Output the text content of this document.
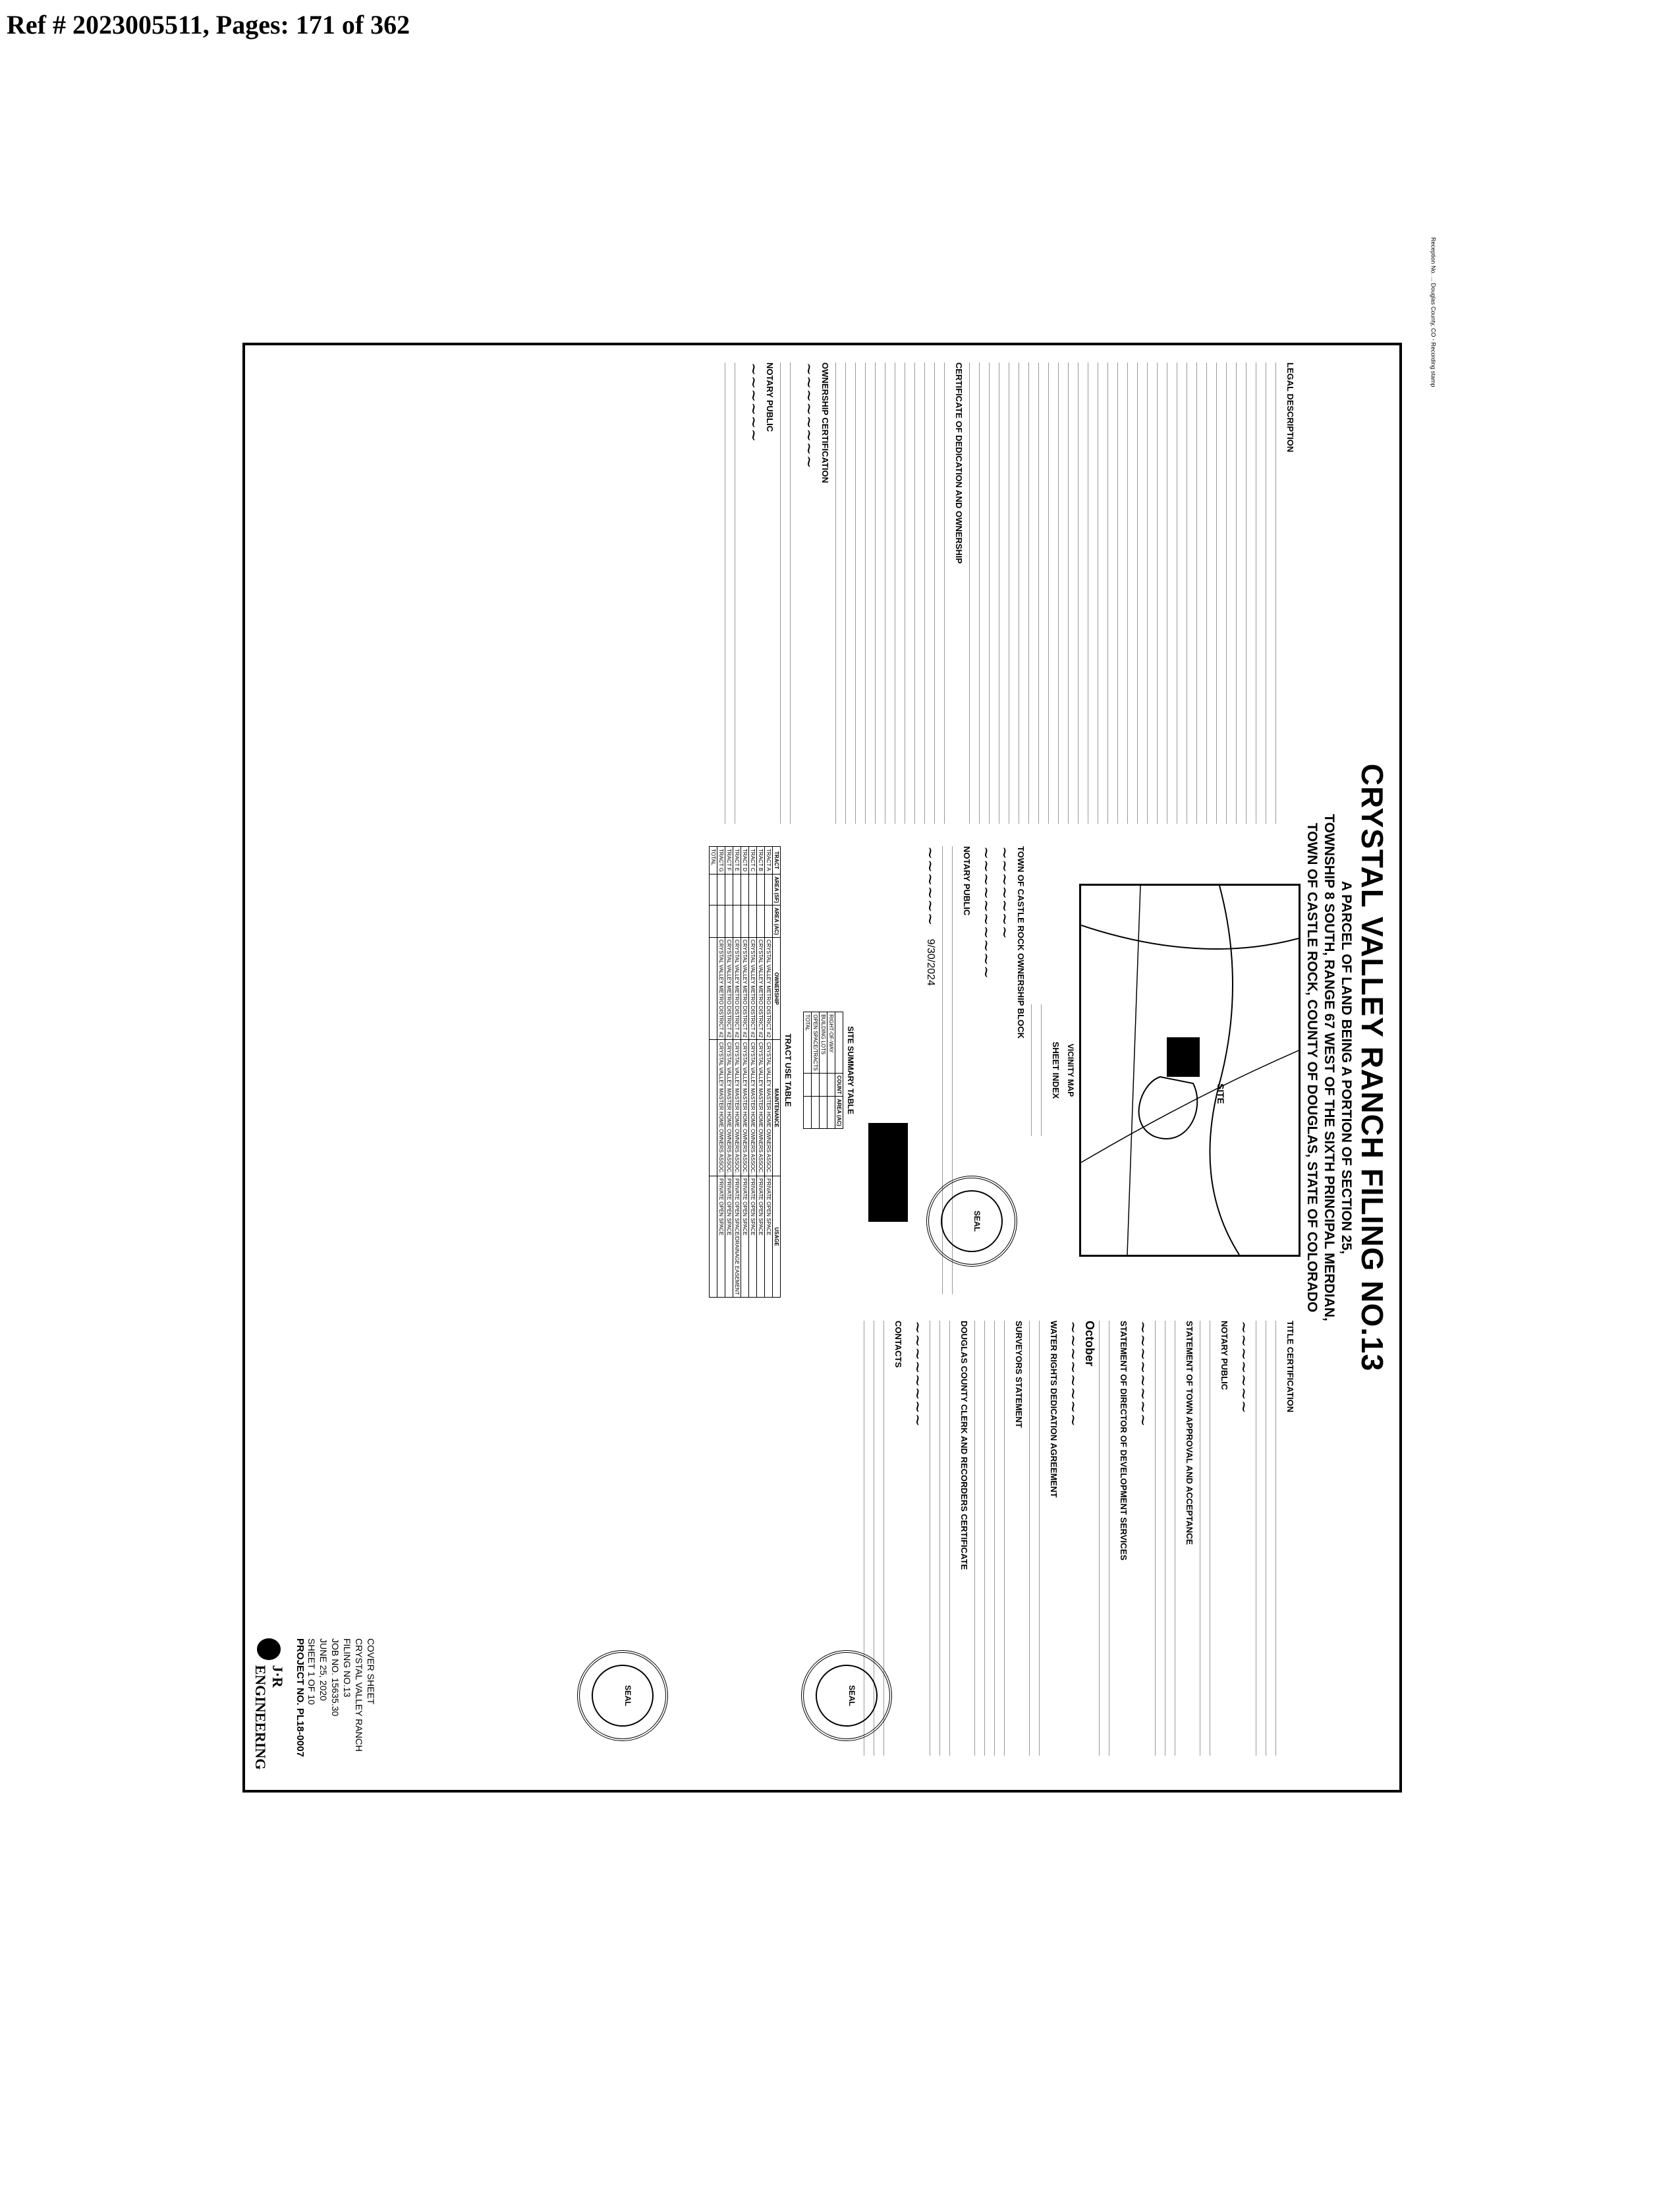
Ref # 2023005511, Pages: 171 of 362
Reception No. ... Douglas County, CO - Recording stamp
CRYSTAL VALLEY RANCH FILING NO.13
A PARCEL OF LAND BEING A PORTION OF SECTION 25,
TOWNSHIP 8 SOUTH, RANGE 67 WEST OF THE SIXTH PRINCIPAL MERDIAN,
TOWN OF CASTLE ROCK, COUNTY OF DOUGLAS, STATE OF COLORADO
LEGAL DESCRIPTION
CERTIFICATE OF DEDICATION AND OWNERSHIP
OWNERSHIP CERTIFICATION
~~~~~~~~
NOTARY PUBLIC
~~~~~~
SITE
VICINITY MAP
SHEET INDEX
TOWN OF CASTLE ROCK OWNERSHIP BLOCK
~~~~~~~
~~~~~~~~~~
NOTARY PUBLIC
~~~~~~
9/30/2024
SEAL
SITE SUMMARY TABLE
	COUNT	AREA (AC)
RIGHT-OF-WAY		
BUILDING LOTS		
OPEN SPACE/TRACTS		
TOTAL		
TRACT USE TABLE
TRACT	AREA (SF)	AREA (AC)	OWNERSHIP	MAINTENANCE	USAGE
TRACT A			CRYSTAL VALLEY METRO DISTRICT #2	CRYSTAL VALLEY MASTER HOME OWNERS ASSOC.	PRIVATE OPEN SPACE
TRACT B			CRYSTAL VALLEY METRO DISTRICT #2	CRYSTAL VALLEY MASTER HOME OWNERS ASSOC.	PRIVATE OPEN SPACE
TRACT C			CRYSTAL VALLEY METRO DISTRICT #2	CRYSTAL VALLEY MASTER HOME OWNERS ASSOC.	PRIVATE OPEN SPACE
TRACT D			CRYSTAL VALLEY METRO DISTRICT #2	CRYSTAL VALLEY MASTER HOME OWNERS ASSOC.	PRIVATE OPEN SPACE
TRACT E			CRYSTAL VALLEY METRO DISTRICT #2	CRYSTAL VALLEY MASTER HOME OWNERS ASSOC.	PRIVATE OPEN SPACE/DRAINAGE EASEMENT
TRACT F			CRYSTAL VALLEY METRO DISTRICT #2	CRYSTAL VALLEY MASTER HOME OWNERS ASSOC.	PRIVATE OPEN SPACE
TRACT G			CRYSTAL VALLEY METRO DISTRICT #2	CRYSTAL VALLEY MASTER HOME OWNERS ASSOC.	PRIVATE OPEN SPACE
TOTAL					
TITLE CERTIFICATION
~~~~~~~
NOTARY PUBLIC
STATEMENT OF TOWN APPROVAL AND ACCEPTANCE
~~~~~~~~
STATEMENT OF DIRECTOR OF DEVELOPMENT SERVICES
October
~~~~~~~~
WATER RIGHTS DEDICATION AGREEMENT
SURVEYORS STATEMENT
DOUGLAS COUNTY CLERK AND RECORDERS CERTIFICATE
~~~~~~~~
CONTACTS
SEAL
SEAL
COVER SHEET
CRYSTAL VALLEY RANCH FILING NO.13
JOB NO. 15635.30
JUNE 25, 2020
SHEET 1 OF 10
PROJECT NO. PL18-0007
J·R ENGINEERING
